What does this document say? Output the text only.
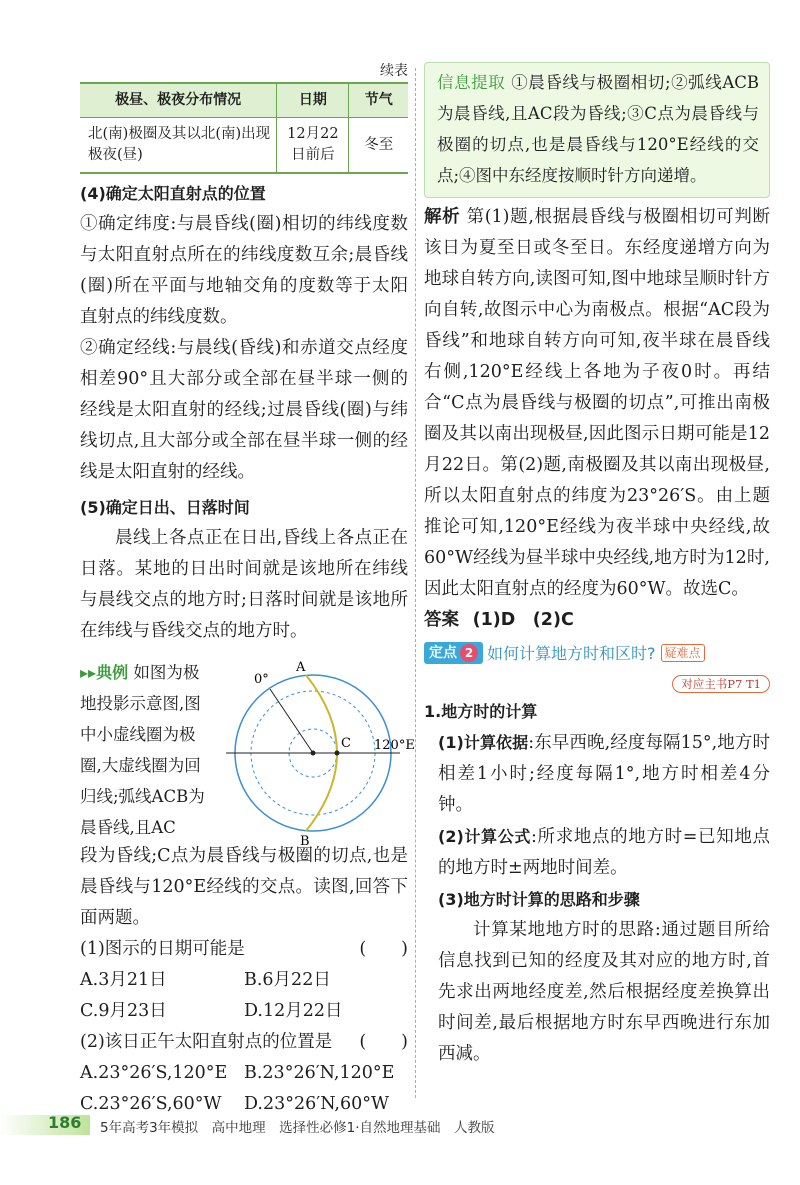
续表
极昼、极夜分布情况	日期	节气
北(南)极圈及其以北(南)出现极夜(昼)	12月22日前后	冬至
(4)确定太阳直射点的位置
①确定纬度:与晨昏线(圈)相切的纬线度数与太阳直射点所在的纬线度数互余;晨昏线(圈)所在平面与地轴交角的度数等于太阳直射点的纬线度数。
②确定经线:与晨线(昏线)和赤道交点经度相差90°且大部分或全部在昼半球一侧的经线是太阳直射的经线;过晨昏线(圈)与纬线切点,且大部分或全部在昼半球一侧的经线是太阳直射的经线。
(5)确定日出、日落时间
晨线上各点正在日出,昏线上各点正在日落。某地的日出时间就是该地所在纬线与晨线交点的地方时;日落时间就是该地所在纬线与昏线交点的地方时。
▸▸典例 如图为极地投影示意图,图中小虚线圈为极圈,大虚线圈为回归线;弧线ACB为晨昏线,且AC
A
B
C
0°
120°E
段为昏线;C点为晨昏线与极圈的切点,也是晨昏线与120°E经线的交点。读图,回答下面两题。
(1)图示的日期可能是	(　　)
A.3月21日	B.6月22日
C.9月23日	D.12月22日
(2)该日正午太阳直射点的位置是 (　　)
A.23°26′S,120°E B.23°26′N,120°E
C.23°26′S,60°W	D.23°26′N,60°W
信息提取 ①晨昏线与极圈相切;②弧线ACB为晨昏线,且AC段为昏线;③C点为晨昏线与极圈的切点,也是晨昏线与120°E经线的交点;④图中东经度按顺时针方向递增。
解析 第(1)题,根据晨昏线与极圈相切可判断该日为夏至日或冬至日。东经度递增方向为地球自转方向,读图可知,图中地球呈顺时针方向自转,故图示中心为南极点。根据“AC段为昏线”和地球自转方向可知,夜半球在晨昏线右侧,120°E经线上各地为子夜0时。再结合“C点为晨昏线与极圈的切点”,可推出南极圈及其以南出现极昼,因此图示日期可能是12月22日。第(2)题,南极圈及其以南出现极昼,所以太阳直射点的纬度为23°26′S。由上题推论可知,120°E经线为夜半球中央经线,故60°W经线为昼半球中央经线,地方时为12时,因此太阳直射点的经度为60°W。故选C。
答案 (1)D　(2)C
定点 2 如何计算地方时和区时? 疑难点
对应主书P7 T1
1.地方时的计算
(1)计算依据:东早西晚,经度每隔15°,地方时相差1小时;经度每隔1°,地方时相差4分钟。
(2)计算公式:所求地点的地方时=已知地点的地方时±两地时间差。
(3)地方时计算的思路和步骤
计算某地地方时的思路:通过题目所给信息找到已知的经度及其对应的地方时,首先求出两地经度差,然后根据经度差换算出时间差,最后根据地方时东早西晚进行东加西减。
186 5年高考3年模拟　高中地理　选择性必修1·自然地理基础　人教版
